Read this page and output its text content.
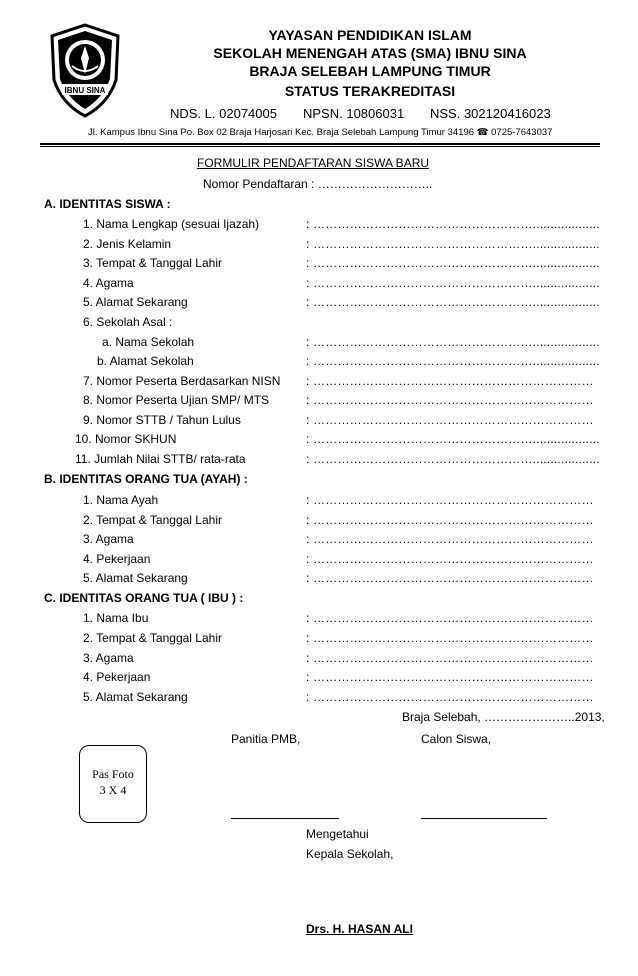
IBNU SINA
YAYASAN PENDIDIKAN ISLAM
SEKOLAH MENENGAH ATAS (SMA) IBNU SINA
BRAJA SELEBAH LAMPUNG TIMUR
STATUS TERAKREDITASI
NDS. L. 02074005 NPSN. 10806031 NSS. 302120416023
Jl. Kampus Ibnu Sina Po. Box 02 Braja Harjosari Kec. Braja Selebah Lampung Timur 34196 ☎ 0725-7643037
FORMULIR PENDAFTARAN SISWA BARU
Nomor Pendaftaran : ………………………..
A. IDENTITAS SISWA :
1. Nama Lengkap (sesuai Ijazah)	: ………………………………………………...................
2. Jenis Kelamin	: ………………………………………………...................
3. Tempat & Tanggal Lahir	: ………………………………………………...................
4. Agama	: ………………………………………………...................
5. Alamat Sekarang	: ………………………………………………...................
6. Sekolah Asal :
a. Nama Sekolah	: ………………………………………………...................
b. Alamat Sekolah	: ………………………………………………...................
7. Nomor Peserta Berdasarkan NISN : ……………………………………………………………
8. Nomor Peserta Ujian SMP/ MTS	: ……………………………………………………………
9. Nomor STTB / Tahun Lulus	: ……………………………………………………………
10. Nomor SKHUN	: ………………………………………………...................
11. Jumlah Nilai STTB/ rata-rata	: ………………………………………………...................
B. IDENTITAS ORANG TUA (AYAH) :
1. Nama Ayah	: ……………………………………………………………
2. Tempat & Tanggal Lahir	: ……………………………………………………………
3. Agama	: ……………………………………………………………
4. Pekerjaan	: ……………………………………………………………
5. Alamat Sekarang	: ……………………………………………………………
C. IDENTITAS ORANG TUA ( IBU ) :
1. Nama Ibu	: ……………………………………………………………
2. Tempat & Tanggal Lahir	: ……………………………………………………………
3. Agama	: ……………………………………………………………
4. Pekerjaan	: ……………………………………………………………
5. Alamat Sekarang	: ……………………………………………………………
Braja Selebah, …………………..2013,
Panitia PMB,	Calon Siswa,
Pas Foto
3 X 4
Mengetahui
Kepala Sekolah,
Drs. H. HASAN ALI
